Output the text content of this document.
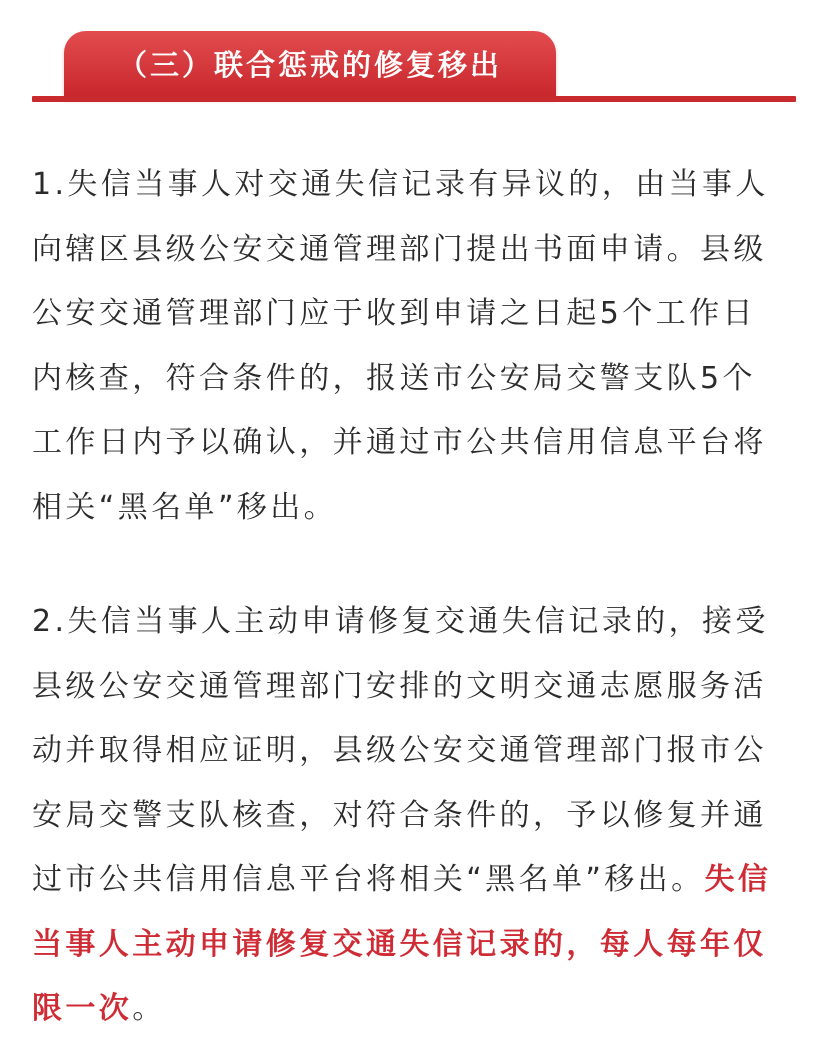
（三）联合惩戒的修复移出
1.失信当事人对交通失信记录有异议的，由当事人
向辖区县级公安交通管理部门提出书面申请。县级
公安交通管理部门应于收到申请之日起5个工作日
内核查，符合条件的，报送市公安局交警支队5个
工作日内予以确认，并通过市公共信用信息平台将
相关“黑名单”移出。
2.失信当事人主动申请修复交通失信记录的，接受
县级公安交通管理部门安排的文明交通志愿服务活
动并取得相应证明，县级公安交通管理部门报市公
安局交警支队核查，对符合条件的，予以修复并通
过市公共信用信息平台将相关“黑名单”移出。失信
当事人主动申请修复交通失信记录的，每人每年仅
限一次。
